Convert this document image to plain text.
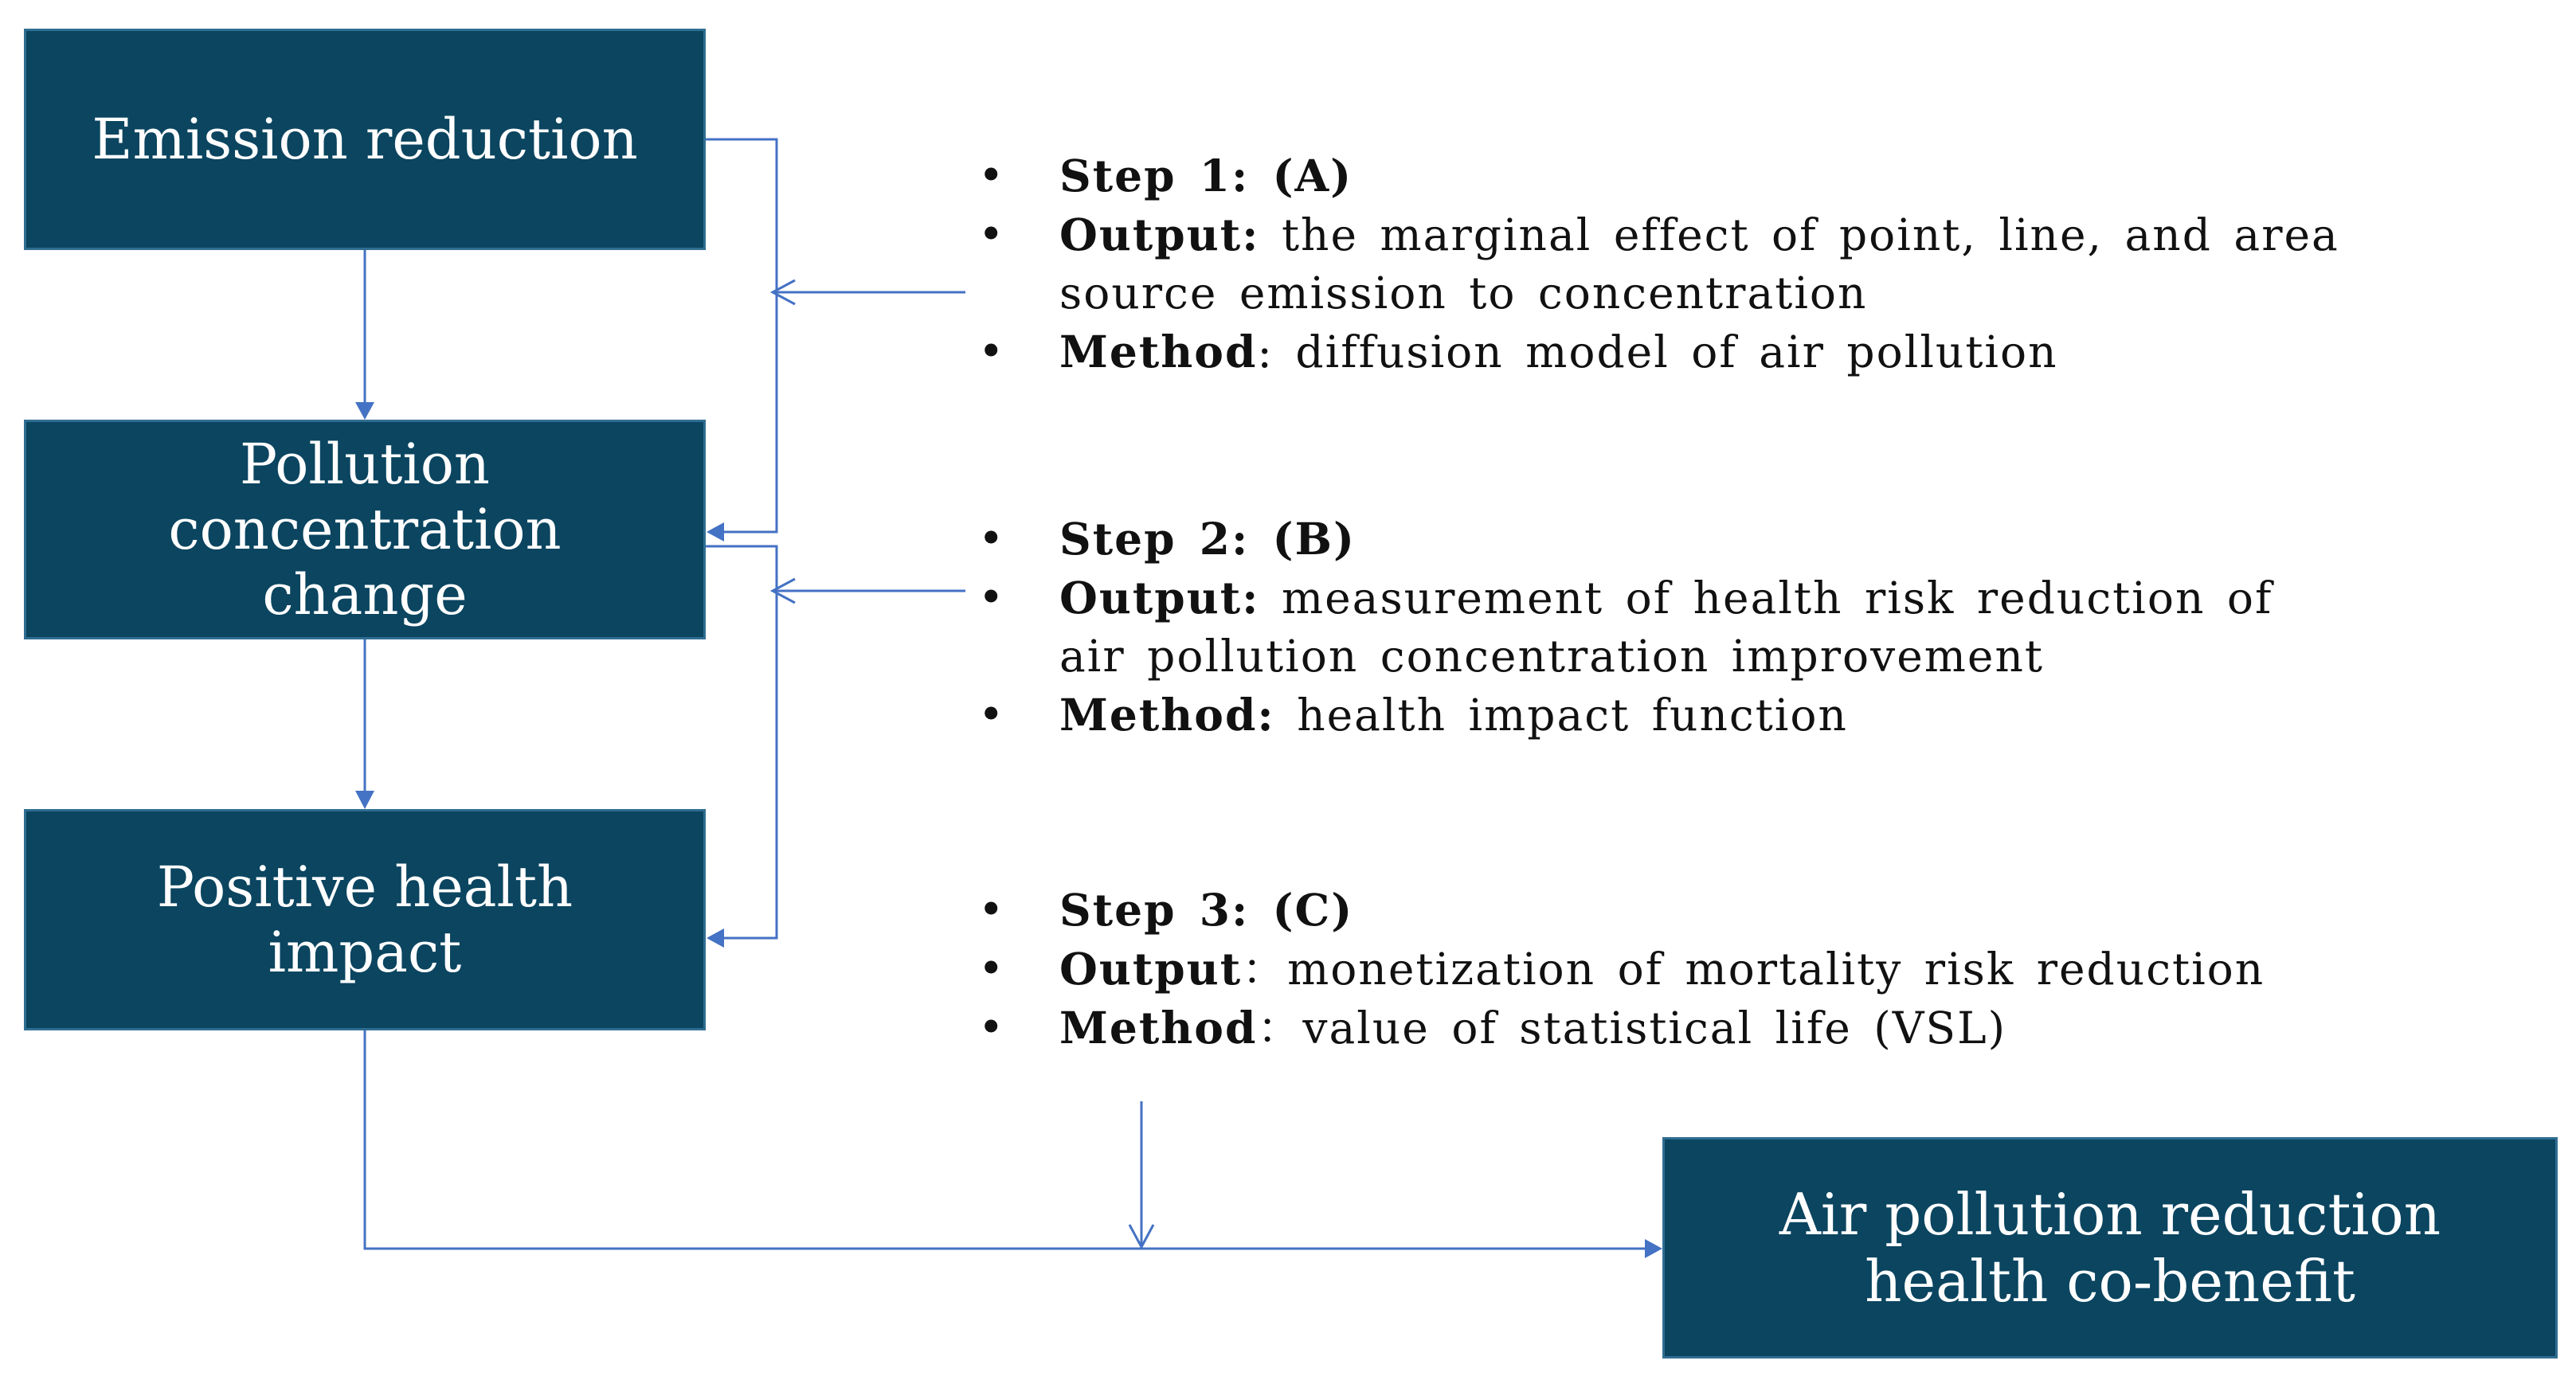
Emission reduction
Pollution
concentration
change
Positive health
impact
Air pollution reduction
health co-benefit
• Step 1: (A)
• Output: the marginal effect of point, line, and area
source emission to concentration
• Method: diffusion model of air pollution
• Step 2: (B)
• Output: measurement of health risk reduction of
air pollution concentration improvement
• Method: health impact function
• Step 3: (C)
• Output：monetization of mortality risk reduction
• Method：value of statistical life (VSL)
